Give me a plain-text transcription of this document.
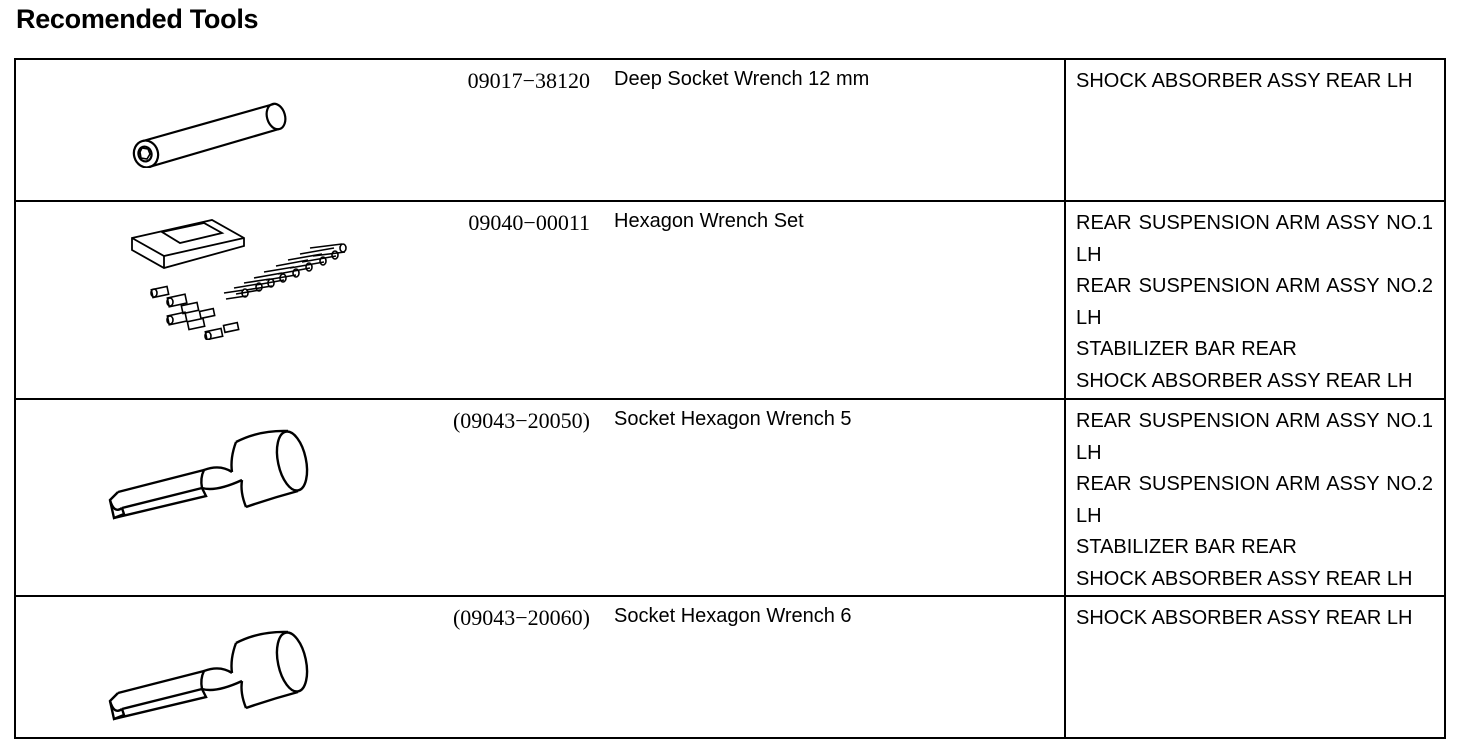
Recomended Tools
09017−38120 Deep Socket Wrench 12 mm	SHOCK ABSORBER ASSY REAR LH
09040−00011 Hexagon Wrench Set	REAR SUSPENSION ARM ASSY NO.1 LH
REAR SUSPENSION ARM ASSY NO.2 LH
STABILIZER BAR REAR
SHOCK ABSORBER ASSY REAR LH
(09043−20050) Socket Hexagon Wrench 5	REAR SUSPENSION ARM ASSY NO.1 LH
REAR SUSPENSION ARM ASSY NO.2 LH
STABILIZER BAR REAR
SHOCK ABSORBER ASSY REAR LH
(09043−20060) Socket Hexagon Wrench 6	SHOCK ABSORBER ASSY REAR LH
